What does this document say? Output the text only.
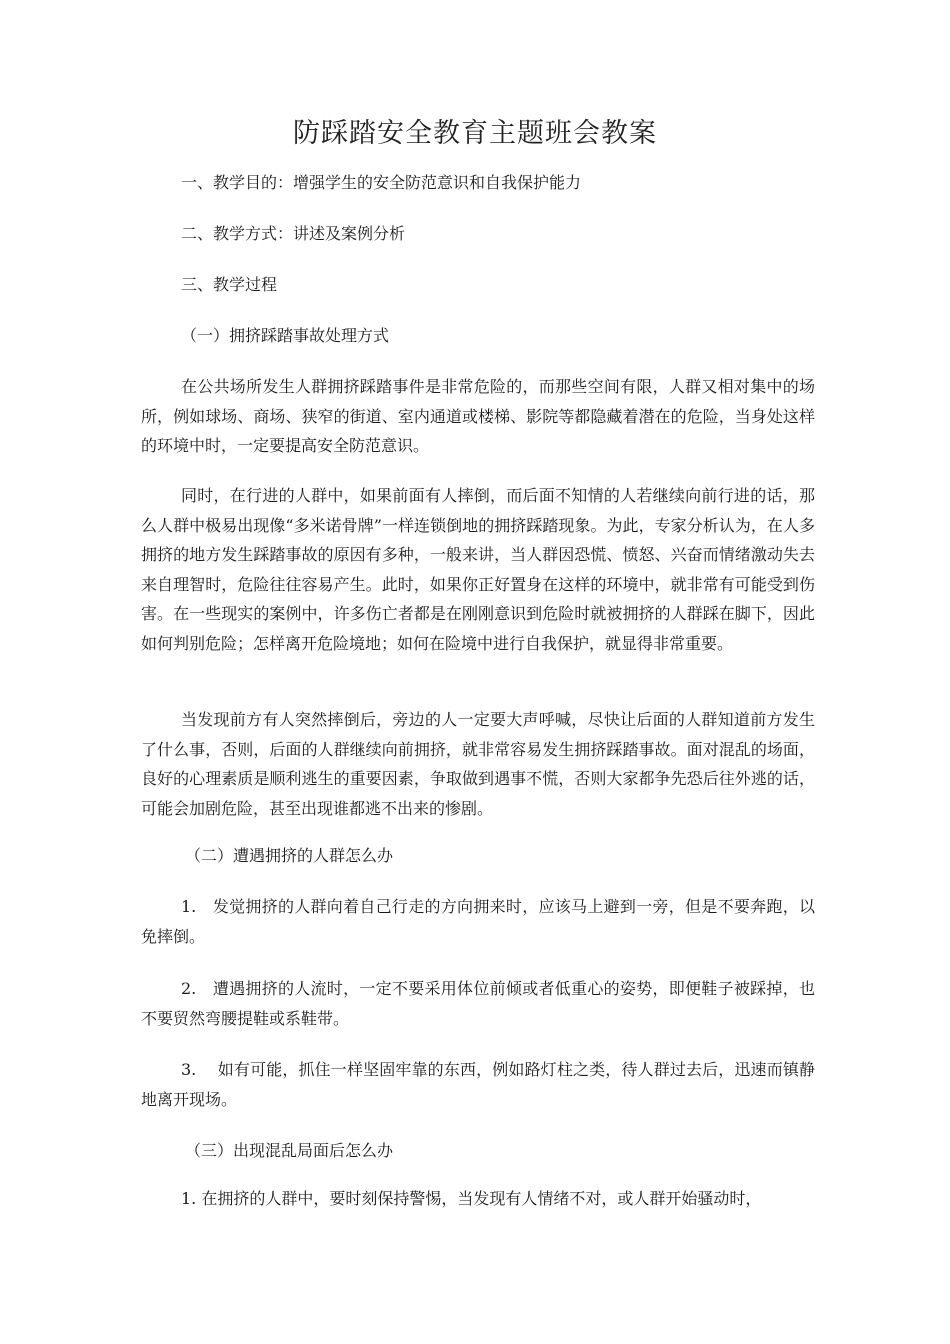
防踩踏安全教育主题班会教案
一、教学目的：增强学生的安全防范意识和自我保护能力
二、教学方式：讲述及案例分析
三、教学过程
（一）拥挤踩踏事故处理方式

在公共场所发生人群拥挤踩踏事件是非常危险的，而那些空间有限，人群又相对集中的场所，例如球场、商场、狭窄的街道、室内通道或楼梯、影院等都隐藏着潜在的危险，当身处这样的环境中时，一定要提高安全防范意识。

同时，在行进的人群中，如果前面有人摔倒，而后面不知情的人若继续向前行进的话，那么人群中极易出现像“多米诺骨牌”一样连锁倒地的拥挤踩踏现象。为此，专家分析认为，在人多拥挤的地方发生踩踏事故的原因有多种，一般来讲，当人群因恐慌、愤怒、兴奋而情绪激动失去来自理智时，危险往往容易产生。此时，如果你正好置身在这样的环境中，就非常有可能受到伤害。在一些现实的案例中，许多伤亡者都是在刚刚意识到危险时就被拥挤的人群踩在脚下，因此如何判别危险；怎样离开危险境地；如何在险境中进行自我保护，就显得非常重要。

当发现前方有人突然摔倒后，旁边的人一定要大声呼喊，尽快让后面的人群知道前方发生了什么事，否则，后面的人群继续向前拥挤，就非常容易发生拥挤踩踏事故。面对混乱的场面，良好的心理素质是顺利逃生的重要因素，争取做到遇事不慌，否则大家都争先恐后往外逃的话，可能会加剧危险，甚至出现谁都逃不出来的惨剧。

（二）遭遇拥挤的人群怎么办

1.　发觉拥挤的人群向着自己行走的方向拥来时，应该马上避到一旁，但是不要奔跑，以免摔倒。

2.　遭遇拥挤的人流时，一定不要采用体位前倾或者低重心的姿势，即便鞋子被踩掉，也不要贸然弯腰提鞋或系鞋带。

3.　 如有可能，抓住一样坚固牢靠的东西，例如路灯柱之类，待人群过去后，迅速而镇静地离开现场。

（三）出现混乱局面后怎么办

1. 在拥挤的人群中，要时刻保持警惕，当发现有人情绪不对，或人群开始骚动时，
